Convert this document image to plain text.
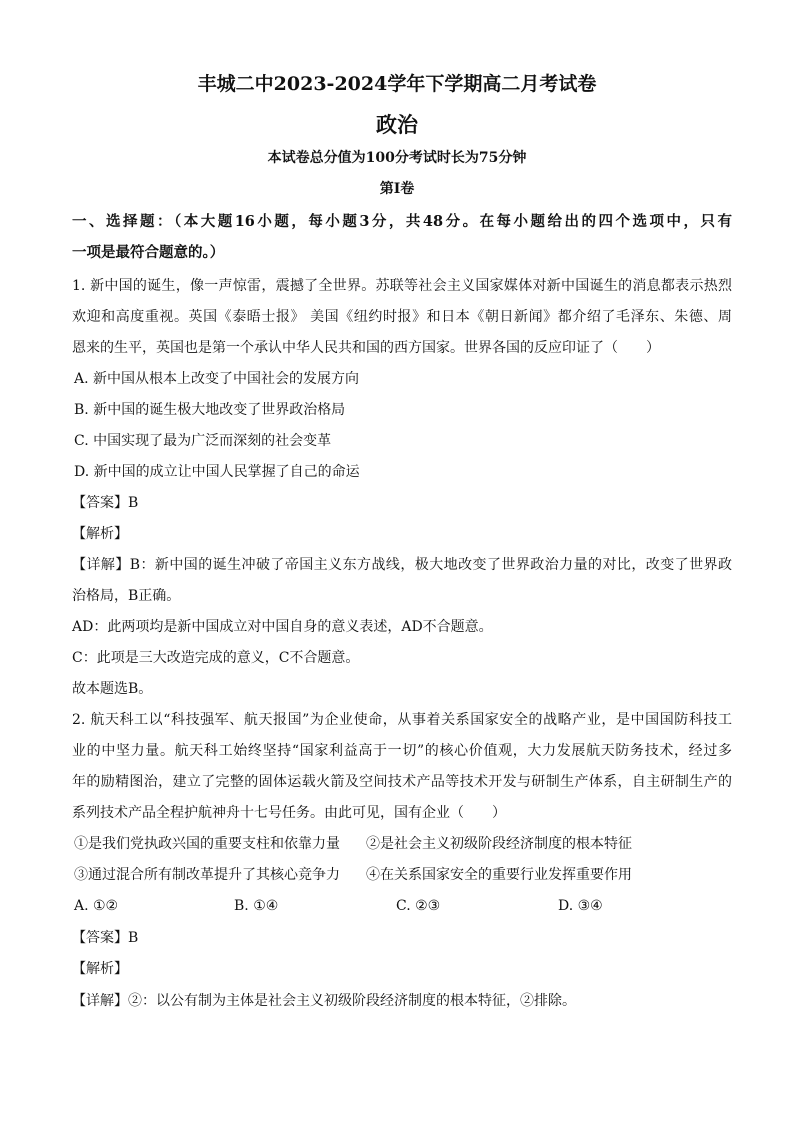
丰城二中2023-2024学年下学期高二月考试卷
政治
本试卷总分值为100分考试时长为75分钟
第Ⅰ卷
一、选择题：（本大题16小题，每小题3分，共48分。在每小题给出的四个选项中，只有
一项是最符合题意的。）
1. 新中国的诞生，像一声惊雷，震撼了全世界。苏联等社会主义国家媒体对新中国诞生的消息都表示热烈
欢迎和高度重视。英国《泰晤士报》 美国《纽约时报》和日本《朝日新闻》都介绍了毛泽东、朱德、周
恩来的生平，英国也是第一个承认中华人民共和国的西方国家。世界各国的反应印证了（　　）
A. 新中国从根本上改变了中国社会的发展方向
B. 新中国的诞生极大地改变了世界政治格局
C. 中国实现了最为广泛而深刻的社会变革
D. 新中国的成立让中国人民掌握了自己的命运
【答案】B
【解析】
【详解】B：新中国的诞生冲破了帝国主义东方战线，极大地改变了世界政治力量的对比，改变了世界政
治格局，B正确。
AD：此两项均是新中国成立对中国自身的意义表述，AD不合题意。
C：此项是三大改造完成的意义，C不合题意。
故本题选B。
2. 航天科工以“科技强军、航天报国”为企业使命，从事着关系国家安全的战略产业，是中国国防科技工
业的中坚力量。航天科工始终坚持“国家利益高于一切”的核心价值观，大力发展航天防务技术，经过多
年的励精图治，建立了完整的固体运载火箭及空间技术产品等技术开发与研制生产体系，自主研制生产的
系列技术产品全程护航神舟十七号任务。由此可见，国有企业（　　）
①是我们党执政兴国的重要支柱和依靠力量 ②是社会主义初级阶段经济制度的根本特征
③通过混合所有制改革提升了其核心竞争力 ④在关系国家安全的重要行业发挥重要作用
A. ①②	B. ①④	C. ②③	D. ③④
【答案】B
【解析】
【详解】②：以公有制为主体是社会主义初级阶段经济制度的根本特征，②排除。
